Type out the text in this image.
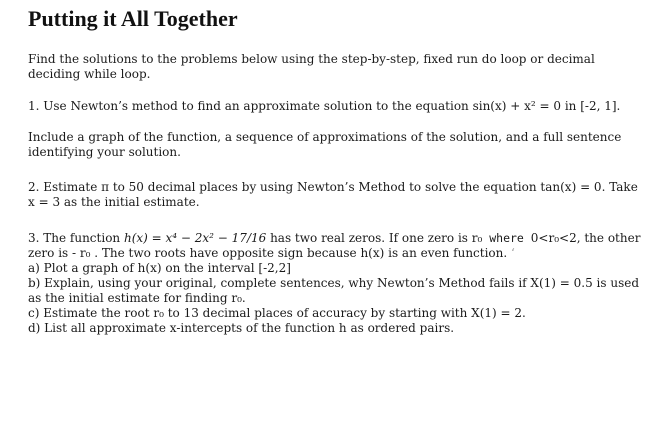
Putting it All Together

Find the solutions to the problems below using the step-by-step, fixed run do loop or decimal deciding while loop.

1. Use Newton’s method to find an approximate solution to the equation sin(x) + x² = 0 in [-2, 1].

Include a graph of the function, a sequence of approximations of the solution, and a full sentence identifying your solution.

2. Estimate π to 50 decimal places by using Newton’s Method to solve the equation tan(x) = 0. Take x = 3 as the initial estimate.

3. The function h(x) = x⁴ − 2x² − 17/16 has two real zeros. If one zero is r₀ where 0<r₀<2, the other zero is - r₀ . The two roots have opposite sign because h(x) is an even function. ‘

a) Plot a graph of h(x) on the interval [-2,2]

b) Explain, using your original, complete sentences, why Newton’s Method fails if X(1) = 0.5 is used as the initial estimate for finding r₀.

c) Estimate the root r₀ to 13 decimal places of accuracy by starting with X(1) = 2.

d) List all approximate x-intercepts of the function h as ordered pairs.
